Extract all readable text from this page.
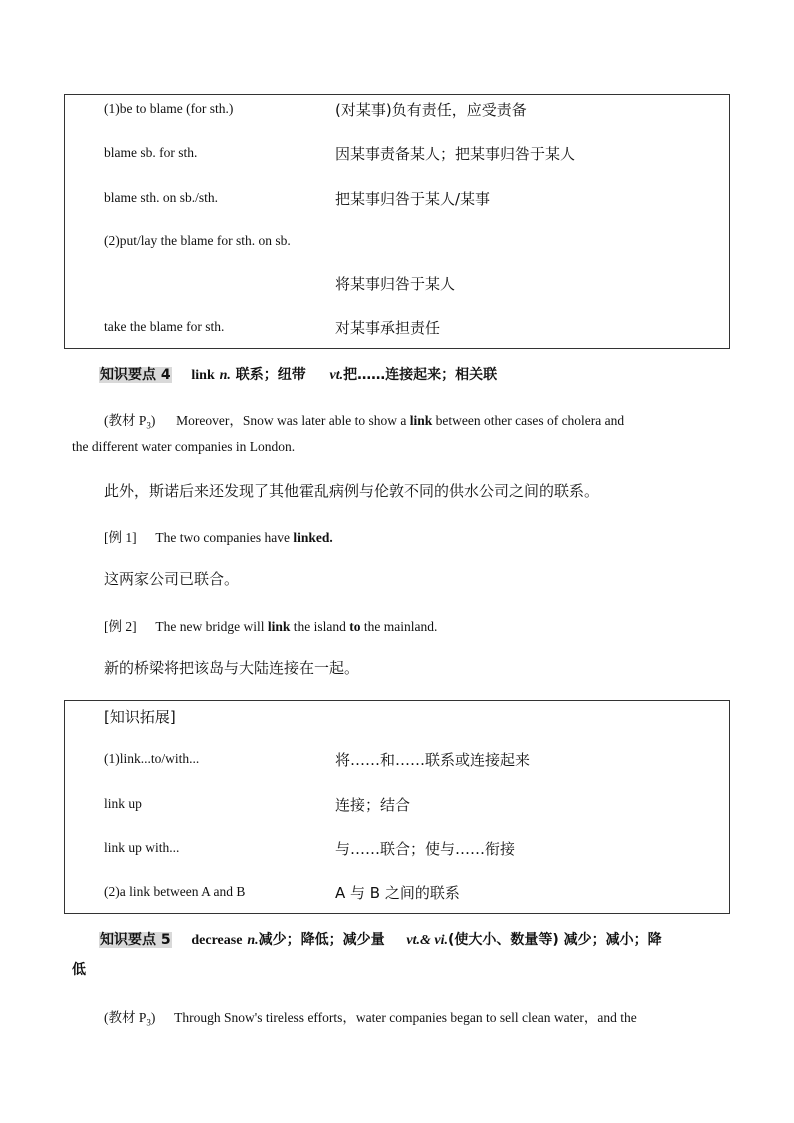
(1)be to blame (for sth.)	(对某事)负有责任，应受责备
blame sb. for sth.	因某事责备某人；把某事归咎于某人
blame sth. on sb./sth.	把某事归咎于某人/某事
(2)put/lay the blame for sth. on sb.
将某事归咎于某人
take the blame for sth.	对某事承担责任
知识要点 4 link n. 联系；纽带 vt.把……连接起来；相关联
(教材 $P_3$) Moreover，Snow was later able to show a link between other cases of cholera and
the different water companies in London.
此外，斯诺后来还发现了其他霍乱病例与伦敦不同的供水公司之间的联系。
[例 1] The two companies have linked.
这两家公司已联合。
[例 2] The new bridge will link the island to the mainland.
新的桥梁将把该岛与大陆连接在一起。
[知识拓展]
(1)link...to/with...	将……和……联系或连接起来
link up	连接；结合
link up with...	与……联合；使与……衔接
(2)a link between A and B	A 与 B 之间的联系
知识要点 5 decrease n.减少；降低；减少量 vt.& vi.(使大小、数量等) 减少；减小；降
低
(教材 $P_3$) Through Snow's tireless efforts，water companies began to sell clean water，and the
